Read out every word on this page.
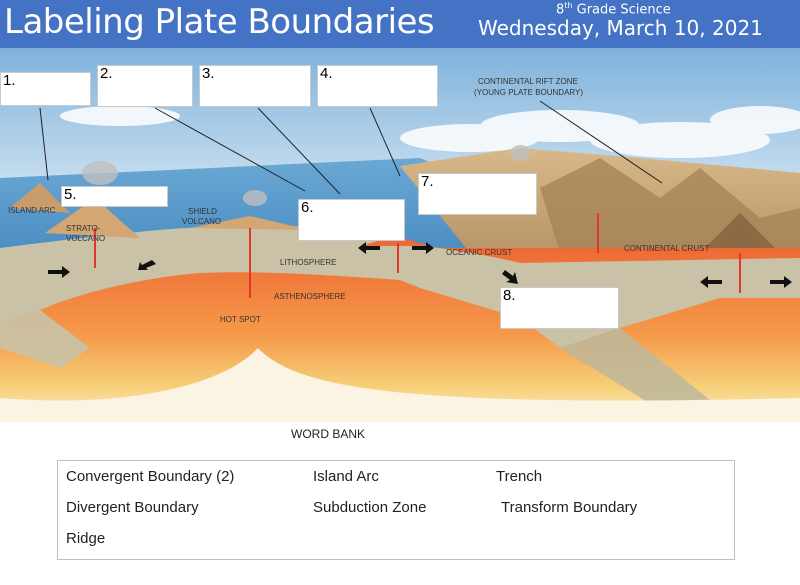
Labeling Plate Boundaries	8th Grade Science
Wednesday, March 10, 2021
CONTINENTAL RIFT ZONE
(YOUNG PLATE BOUNDARY)
ISLAND ARC
STRATO-
VOLCANO
SHIELD
VOLCANO
LITHOSPHERE
ASTHENOSPHERE
HOT SPOT
OCEANIC CRUST	CONTINENTAL CRUST
1.	2.	3.	4.
5.
6.
7.
8.
WORD BANK
Convergent Boundary (2)	Island Arc	Trench
Divergent Boundary	Subduction Zone	Transform Boundary
Ridge
